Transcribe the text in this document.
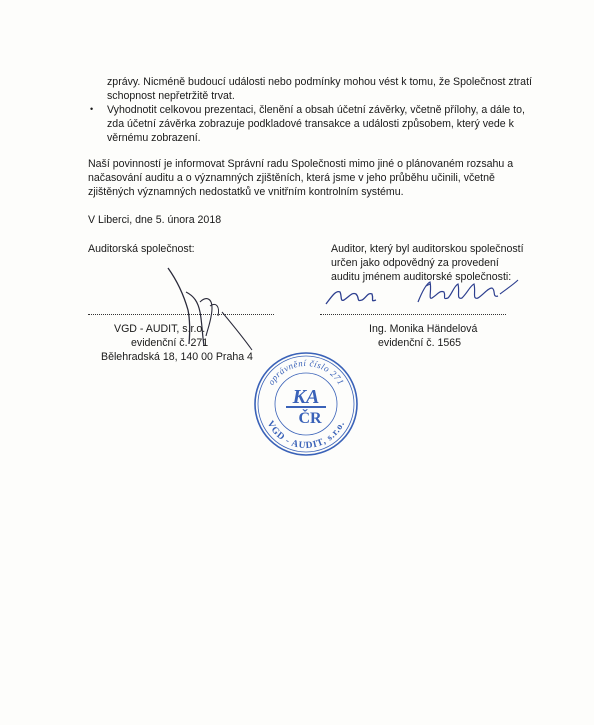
zprávy. Nicméně budoucí události nebo podmínky mohou vést k tomu, že Společnost ztratí
schopnost nepřetržitě trvat.
• Vyhodnotit celkovou prezentaci, členění a obsah účetní závěrky, včetně přílohy, a dále to,
zda účetní závěrka zobrazuje podkladové transakce a události způsobem, který vede k
věrnému zobrazení.
Naší povinností je informovat Správní radu Společnosti mimo jiné o plánovaném rozsahu a
načasování auditu a o významných zjištěních, která jsme v jeho průběhu učinili, včetně
zjištěných významných nedostatků ve vnitřním kontrolním systému.
V Liberci, dne 5. února 2018
Auditorská společnost:	Auditor, který byl auditorskou společností
určen jako odpovědný za provedení
auditu jménem auditorské společnosti:
VGD - AUDIT, s.r.o.
evidenční č. 271
Bělehradská 18, 140 00 Praha 4
Ing. Monika Händelová
evidenční č. 1565
oprávnění číslo 271
VGD - AUDIT, s.r.o.
KA
ČR
